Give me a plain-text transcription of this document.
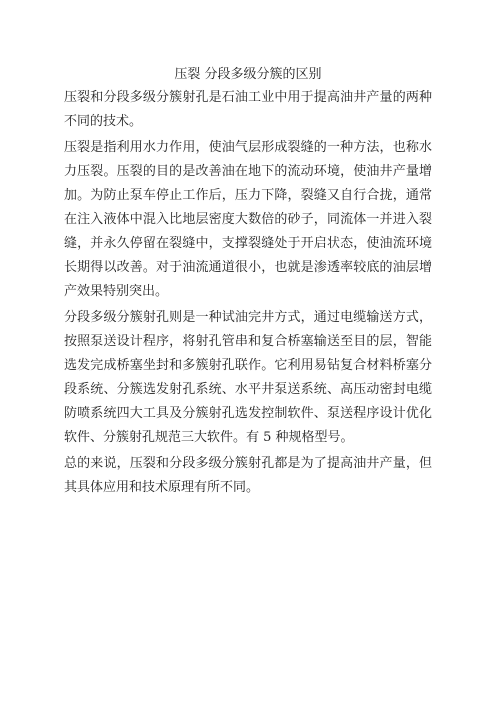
压裂 分段多级分簇的区别

压裂和分段多级分簇射孔是石油工业中用于提高油井产量的两种不同的技术。

压裂是指利用水力作用，使油气层形成裂缝的一种方法，也称水力压裂。压裂的目的是改善油在地下的流动环境，使油井产量增加。为防止泵车停止工作后，压力下降，裂缝又自行合拢，通常在注入液体中混入比地层密度大数倍的砂子，同流体一并进入裂缝，并永久停留在裂缝中，支撑裂缝处于开启状态，使油流环境长期得以改善。对于油流通道很小，也就是渗透率较底的油层增产效果特别突出。

分段多级分簇射孔则是一种试油完井方式，通过电缆输送方式，按照泵送设计程序，将射孔管串和复合桥塞输送至目的层，智能选发完成桥塞坐封和多簇射孔联作。它利用易钻复合材料桥塞分段系统、分簇选发射孔系统、水平井泵送系统、高压动密封电缆防喷系统四大工具及分簇射孔选发控制软件、泵送程序设计优化软件、分簇射孔规范三大软件。有 5 种规格型号。

总的来说，压裂和分段多级分簇射孔都是为了提高油井产量，但其具体应用和技术原理有所不同。
